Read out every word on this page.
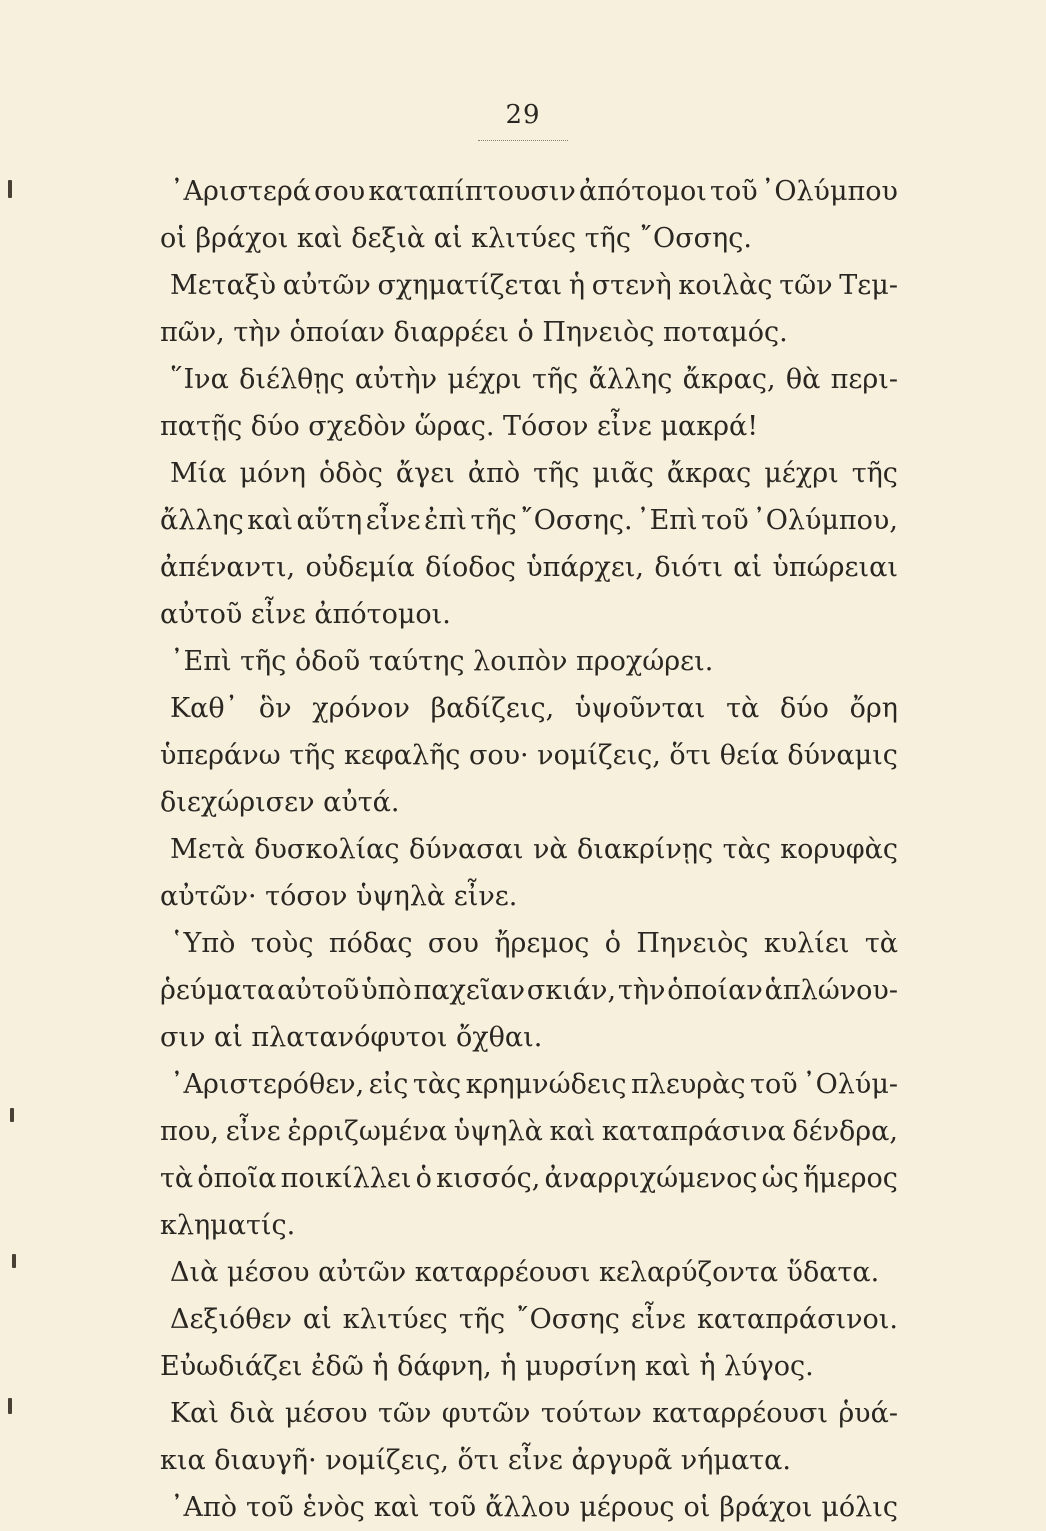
29
᾿Αριστερά σου καταπίπτουσιν ἀπότομοι τοῦ ᾿Ολύμπου
οἱ βράχοι καὶ δεξιὰ αἱ κλιτύες τῆς ῎Οσσης.
Μεταξὺ αὐτῶν σχηματίζεται ἡ στενὴ κοιλὰς τῶν Τεμ-
πῶν, τὴν ὁποίαν διαρρέει ὁ Πηνειὸς ποταμός.
῞Ινα διέλθῃς αὐτὴν μέχρι τῆς ἄλλης ἄκρας, θὰ περι-
πατῇς δύο σχεδὸν ὥρας. Τόσον εἶνε μακρά!
Μία μόνη ὁδὸς ἄγει ἀπὸ τῆς μιᾶς ἄκρας μέχρι τῆς
ἄλλης καὶ αὕτη εἶνε ἐπὶ τῆς ῎Οσσης. ᾿Επὶ τοῦ ᾿Ολύμπου,
ἀπέναντι, οὐδεμία δίοδος ὑπάρχει, διότι αἱ ὑπώρειαι
αὐτοῦ εἶνε ἀπότομοι.
᾿Επὶ τῆς ὁδοῦ ταύτης λοιπὸν προχώρει.
Καθ᾿ ὃν χρόνον βαδίζεις, ὑψοῦνται τὰ δύο ὄρη
ὑπεράνω τῆς κεφαλῆς σου· νομίζεις, ὅτι θεία δύναμις
διεχώρισεν αὐτά.
Μετὰ δυσκολίας δύνασαι νὰ διακρίνῃς τὰς κορυφὰς
αὐτῶν· τόσον ὑψηλὰ εἶνε.
῾Υπὸ τοὺς πόδας σου ἤρεμος ὁ Πηνειὸς κυλίει τὰ
ῥεύματα αὐτοῦ ὑπὸ παχεῖαν σκιάν, τὴν ὁποίαν ἁπλώνου-
σιν αἱ πλατανόφυτοι ὄχθαι.
᾿Αριστερόθεν, εἰς τὰς κρημνώδεις πλευρὰς τοῦ ᾿Ολύμ-
που, εἶνε ἐρριζωμένα ὑψηλὰ καὶ καταπράσινα δένδρα,
τὰ ὁποῖα ποικίλλει ὁ κισσός, ἀναρριχώμενος ὡς ἥμερος
κληματίς.
Διὰ μέσου αὐτῶν καταρρέουσι κελαρύζοντα ὕδατα.
Δεξιόθεν αἱ κλιτύες τῆς ῎Οσσης εἶνε καταπράσινοι.
Εὐωδιάζει ἐδῶ ἡ δάφνη, ἡ μυρσίνη καὶ ἡ λύγος.
Καὶ διὰ μέσου τῶν φυτῶν τούτων καταρρέουσι ῥυά-
κια διαυγῆ· νομίζεις, ὅτι εἶνε ἀργυρᾶ νήματα.
᾿Απὸ τοῦ ἑνὸς καὶ τοῦ ἄλλου μέρους οἱ βράχοι μόλις
